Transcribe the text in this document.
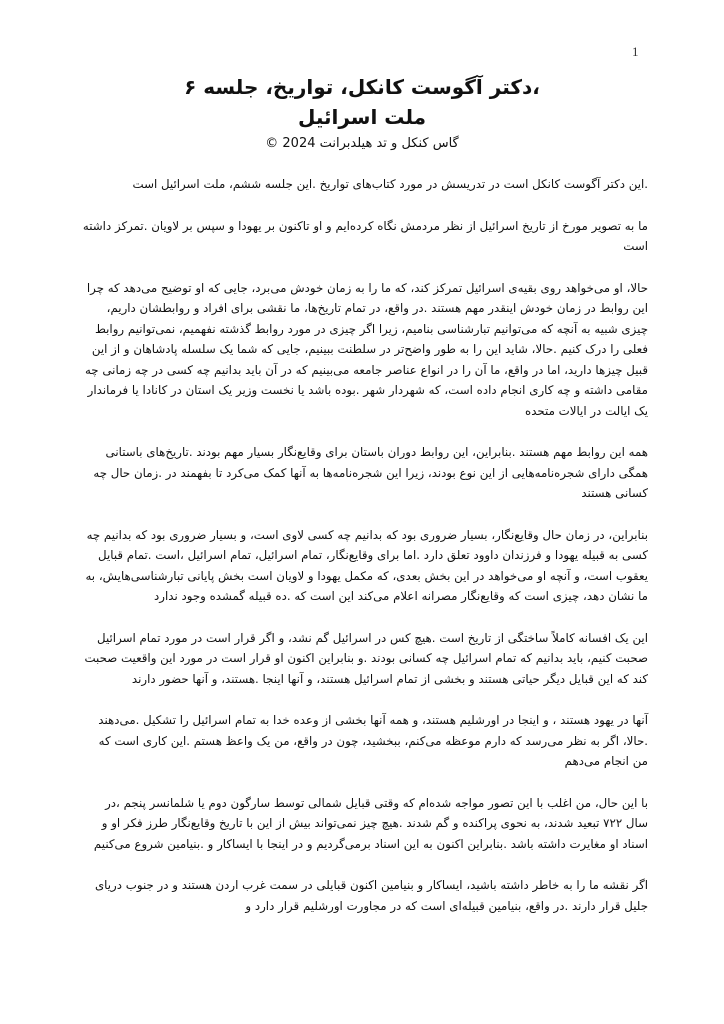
1
،دکتر آگوست کانکل، تواریخ، جلسه ۶
ملت اسرائیل
گاس کنکل و تد هیلدبرانت 2024 ©

.این دکتر آگوست کانکل است در تدریسش در مورد کتاب‌های تواریخ .این جلسه ششم، ملت اسرائیل است

ما به تصویر مورخ از تاریخ اسرائیل از نظر مردمش نگاه کرده‌ایم و او تاکنون بر یهودا و سپس بر لاویان .تمرکز داشته است

حالا، او می‌خواهد روی بقیه‌ی اسرائیل تمرکز کند، که ما را به زمان خودش می‌برد، جایی که او توضیح می‌دهد که چرا این روابط در زمان خودش اینقدر مهم هستند .در واقع، در تمام تاریخ‌ها، ما نقشی برای افراد و روابطشان داریم، چیزی شبیه به آنچه که می‌توانیم تبارشناسی بنامیم، زیرا اگر چیزی در مورد روابط گذشته نفهمیم، نمی‌توانیم روابط فعلی را درک کنیم .حالا، شاید این را به طور واضح‌تر در سلطنت ببینیم، جایی که شما یک سلسله پادشاهان و از این قبیل چیزها دارید، اما در واقع، ما آن را در انواع عناصر جامعه می‌بینیم که در آن باید بدانیم چه کسی در چه زمانی چه مقامی داشته و چه کاری انجام داده است، که شهردار شهر .بوده باشد یا نخست وزیر یک استان در کانادا یا فرماندار یک ایالت در ایالات متحده

همه این روابط مهم هستند .بنابراین، این روابط دوران باستان برای وقایع‌نگار بسیار مهم بودند .تاریخ‌های باستانی همگی دارای شجره‌نامه‌هایی از این نوع بودند، زیرا این شجره‌نامه‌ها به آنها کمک می‌کرد تا بفهمند در .زمان حال چه کسانی هستند

بنابراین، در زمان حال وقایع‌نگار، بسیار ضروری بود که بدانیم چه کسی لاوی است، و بسیار ضروری بود که بدانیم چه کسی به قبیله یهودا و فرزندان داوود تعلق دارد .اما برای وقایع‌نگار، تمام اسرائیل، تمام اسرائیل ،است .تمام قبایل یعقوب است، و آنچه او می‌خواهد در این بخش بعدی، که مکمل یهودا و لاویان است بخش پایانی تبارشناسی‌هایش، به ما نشان دهد، چیزی است که وقایع‌نگار مصرانه اعلام می‌کند این است که .ده قبیله گمشده وجود ندارد

این یک افسانه کاملاً ساختگی از تاریخ است .هیچ کس در اسرائیل گم نشد، و اگر قرار است در مورد تمام اسرائیل صحبت کنیم، باید بدانیم که تمام اسرائیل چه کسانی بودند .و بنابراین اکنون او قرار است در مورد این واقعیت صحبت کند که این قبایل دیگر حیاتی هستند و بخشی از تمام اسرائیل هستند، و آنها اینجا .هستند، و آنها حضور دارند

آنها در یهود هستند ، و اینجا در اورشلیم هستند، و همه آنها بخشی از وعده خدا به تمام اسرائیل را تشکیل .می‌دهند .حالا، اگر به نظر می‌رسد که دارم موعظه می‌کنم، ببخشید، چون در واقع، من یک واعظ هستم .این کاری است که من انجام می‌دهم

با این حال، من اغلب با این تصور مواجه شده‌ام که وقتی قبایل شمالی توسط سارگون دوم یا شلمانسر پنجم ،در سال ۷۲۲ تبعید شدند، به نحوی پراکنده و گم شدند .هیچ چیز نمی‌تواند بیش از این با تاریخ وقایع‌نگار طرز فکر او و اسناد او مغایرت داشته باشد .بنابراین اکنون به این اسناد برمی‌گردیم و در اینجا با ایساکار و .بنیامین شروع می‌کنیم

اگر نقشه ما را به خاطر داشته باشید، ایساکار و بنیامین اکنون قبایلی در سمت غرب اردن هستند و در جنوب دریای جلیل قرار دارند .در واقع، بنیامین قبیله‌ای است که در مجاورت اورشلیم قرار دارد و
